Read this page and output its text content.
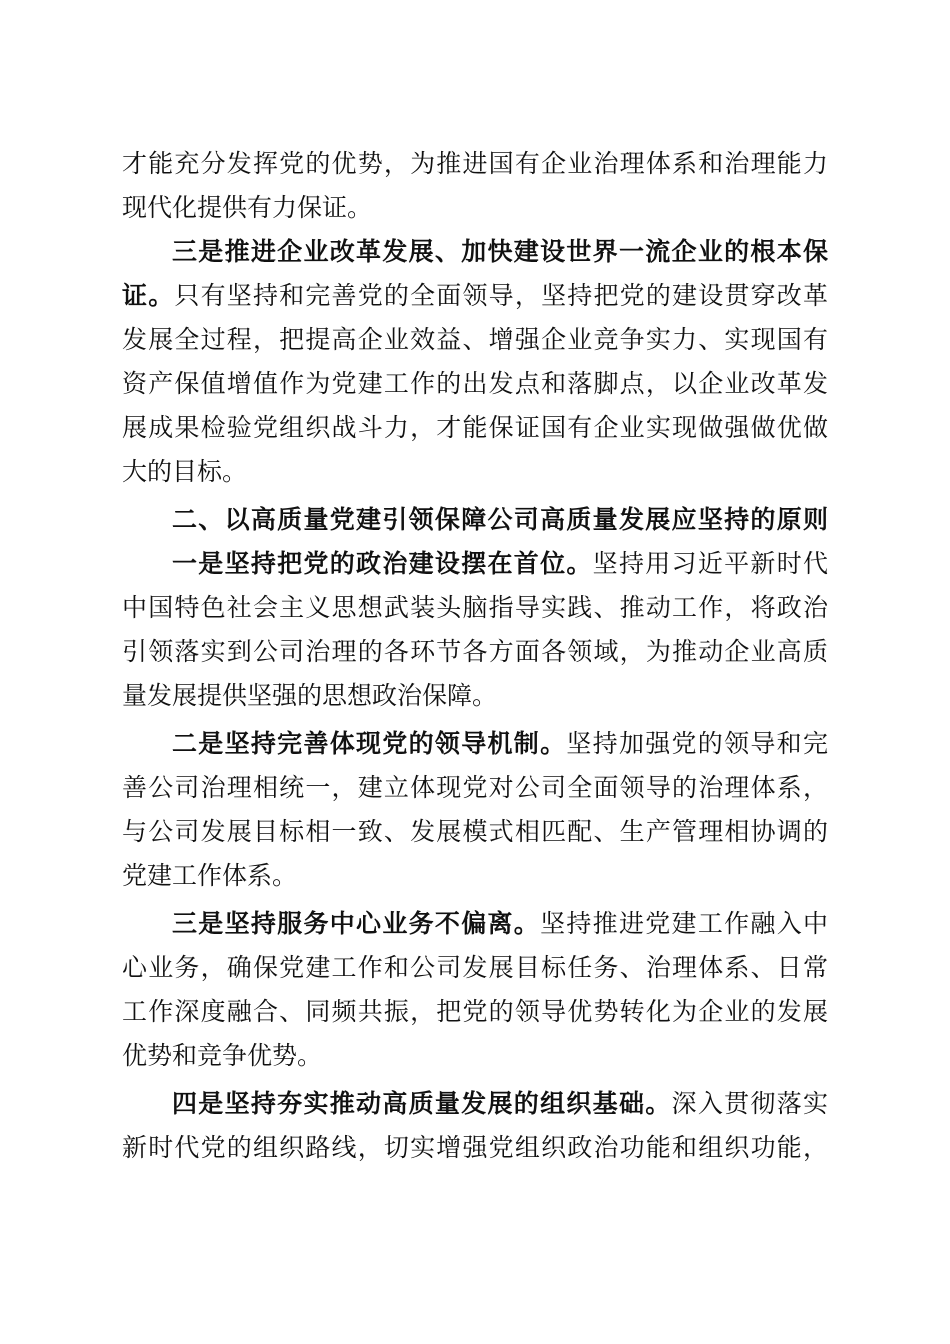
才能充分发挥党的优势，为推进国有企业治理体系和治理能力
现代化提供有力保证。
三是推进企业改革发展、加快建设世界一流企业的根本保
证。只有坚持和完善党的全面领导，坚持把党的建设贯穿改革
发展全过程，把提高企业效益、增强企业竞争实力、实现国有
资产保值增值作为党建工作的出发点和落脚点，以企业改革发
展成果检验党组织战斗力，才能保证国有企业实现做强做优做
大的目标。
二、以高质量党建引领保障公司高质量发展应坚持的原则
一是坚持把党的政治建设摆在首位。坚持用习近平新时代
中国特色社会主义思想武装头脑指导实践、推动工作，将政治
引领落实到公司治理的各环节各方面各领域，为推动企业高质
量发展提供坚强的思想政治保障。
二是坚持完善体现党的领导机制。坚持加强党的领导和完
善公司治理相统一，建立体现党对公司全面领导的治理体系，
与公司发展目标相一致、发展模式相匹配、生产管理相协调的
党建工作体系。
三是坚持服务中心业务不偏离。坚持推进党建工作融入中
心业务，确保党建工作和公司发展目标任务、治理体系、日常
工作深度融合、同频共振，把党的领导优势转化为企业的发展
优势和竞争优势。
四是坚持夯实推动高质量发展的组织基础。深入贯彻落实
新时代党的组织路线，切实增强党组织政治功能和组织功能，
